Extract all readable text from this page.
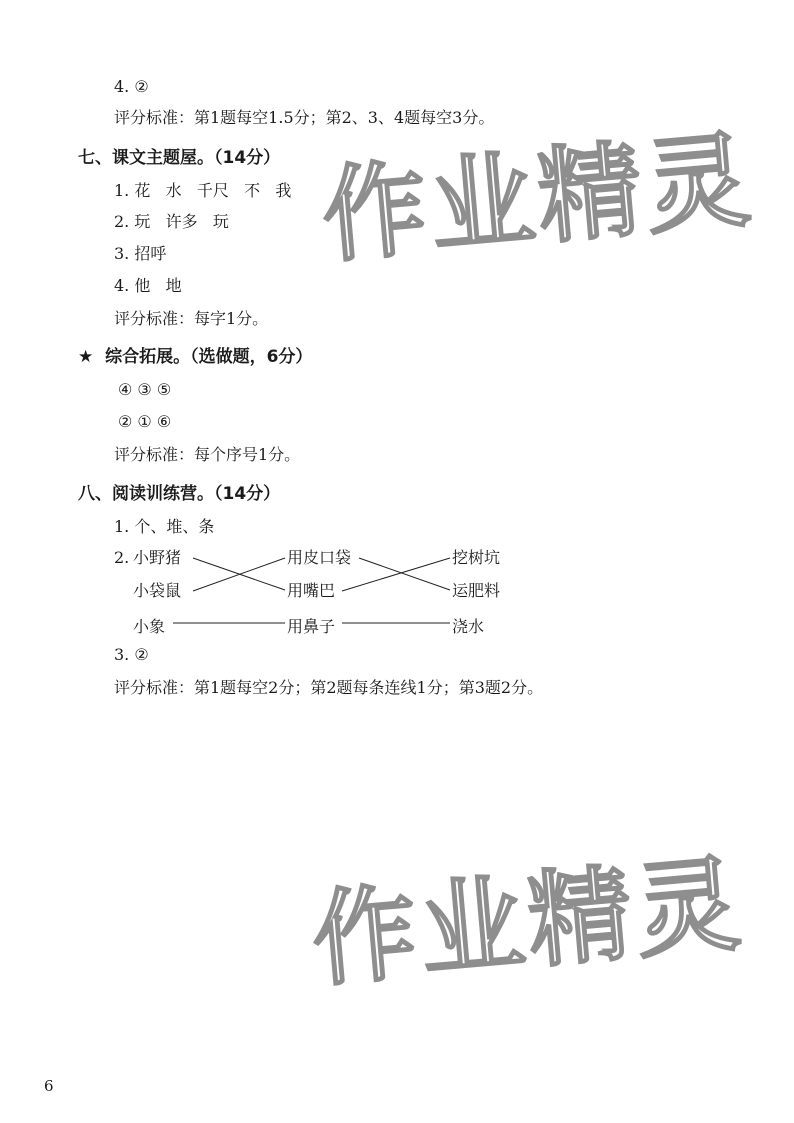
作业精灵
作业精灵
4. ②
评分标准：第1题每空1.5分；第2、3、4题每空3分。
七、课文主题屋。（14分）
1. 花   水   千尺   不   我
2. 玩   许多   玩
3. 招呼
4. 他   地
评分标准：每字1分。
★  综合拓展。（选做题，6分）
④ ③ ⑤
② ① ⑥
评分标准：每个序号1分。
八、阅读训练营。（14分）
1. 个、堆、条
2. 小野猪
小袋鼠
小象
用皮口袋
用嘴巴
用鼻子
挖树坑
运肥料
浇水
3. ②
评分标准：第1题每空2分；第2题每条连线1分；第3题2分。
6
